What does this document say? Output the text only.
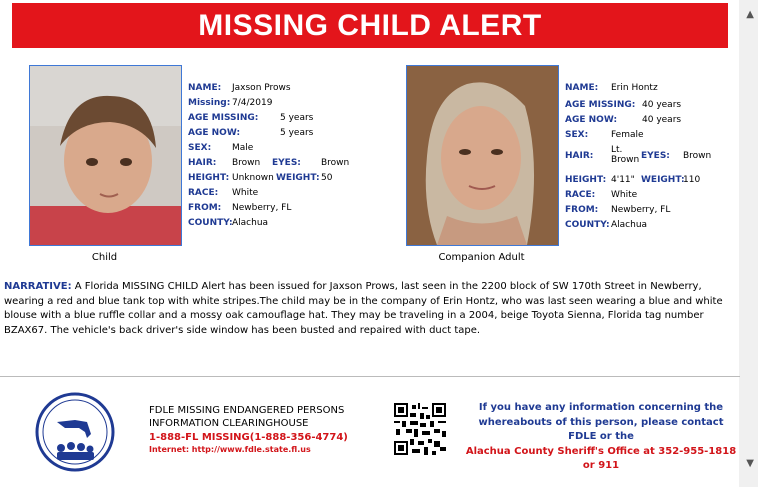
MISSING CHILD ALERT	▲
▼
Child
NAME: Jaxson Prows
Missing: 7/4/2019
AGE MISSING: 5 years
AGE NOW:	5 years
SEX: Male
HAIR: Brown EYES: Brown
HEIGHT: Unknown WEIGHT: 50
RACE: White
FROM: Newberry, FL
COUNTY: Alachua
Companion Adult
NAME: Erin Hontz
AGE MISSING: 40 years
AGE NOW:	40 years
SEX:	Female
HAIR:
Lt. Brown EYES: Brown
HEIGHT: 4'11" WEIGHT:
110
RACE: White
FROM: Newberry, FL
COUNTY: Alachua
NARRATIVE: A Florida MISSING CHILD Alert has been issued for Jaxson Prows, last seen in the 2200 block of SW 170th Street in Newberry, wearing a red and blue tank top with white stripes.The child may be in the company of Erin Hontz, who was last seen wearing a blue and white blouse with a blue ruffle collar and a mossy oak camouflage hat. They may be traveling in a 2004, beige Toyota Sienna, Florida tag number BZAX67. The vehicle's back driver's side window has been busted and repaired with duct tape.
FDLE MISSING ENDANGERED PERSONS
INFORMATION CLEARINGHOUSE
1-888-FL MISSING(1-888-356-4774)
Internet: http://www.fdle.state.fl.us
If you have any information concerning the
whereabouts of this person, please contact
FDLE or the
Alachua County Sheriff's Office at 352-955-1818
or 911
